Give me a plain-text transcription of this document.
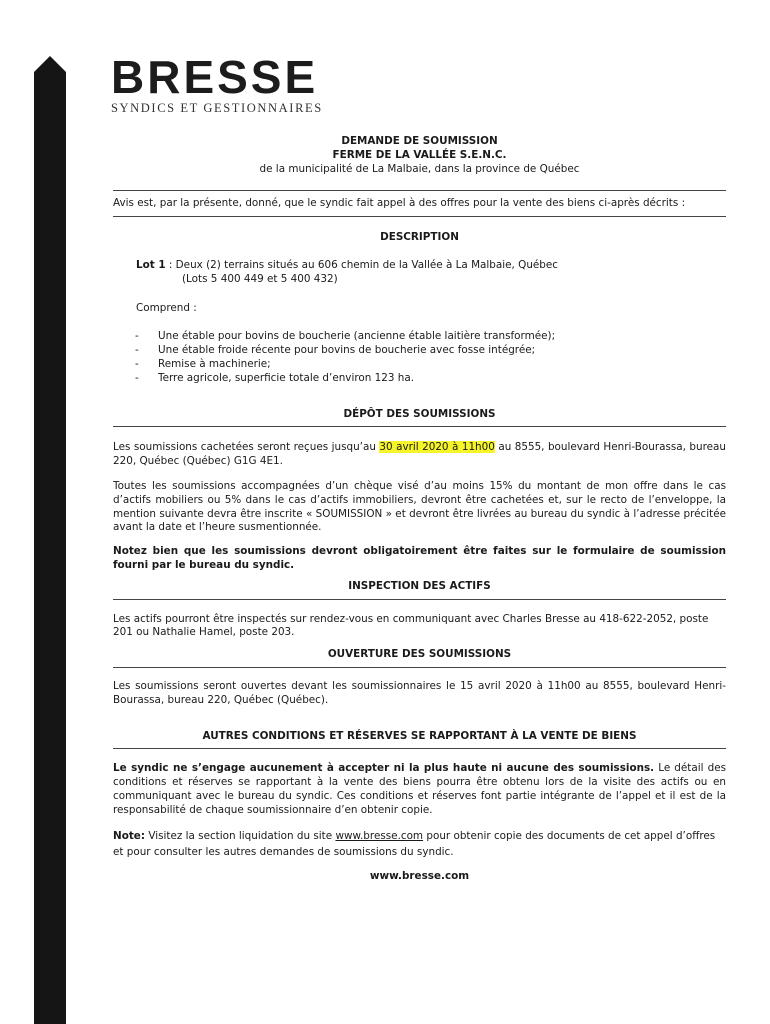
BRESSE
SYNDICS ET GESTIONNAIRES

DEMANDE DE SOUMISSION

FERME DE LA VALLÉE S.E.N.C.

de la municipalité de La Malbaie, dans la province de Québec

Avis est, par la présente, donné, que le syndic fait appel à des offres pour la vente des biens ci-après décrits :

DESCRIPTION

Lot 1 : Deux (2) terrains situés au 606 chemin de la Vallée à La Malbaie, Québec

(Lots 5 400 449 et 5 400 432)

Comprend :

- Une étable pour bovins de boucherie (ancienne étable laitière transformée);
- Une étable froide récente pour bovins de boucherie avec fosse intégrée;
- Remise à machinerie;
- Terre agricole, superficie totale d’environ 123 ha.

DÉPÔT DES SOUMISSIONS

Les soumissions cachetées seront reçues jusqu’au 30 avril 2020 à 11h00 au 8555, boulevard Henri-Bourassa, bureau 220, Québec (Québec) G1G 4E1.

Toutes les soumissions accompagnées d’un chèque visé d’au moins 15% du montant de mon offre dans le cas d’actifs mobiliers ou 5% dans le cas d’actifs immobiliers, devront être cachetées et, sur le recto de l’enveloppe, la mention suivante devra être inscrite « SOUMISSION » et devront être livrées au bureau du syndic à l’adresse précitée avant la date et l’heure susmentionnée.

Notez bien que les soumissions devront obligatoirement être faites sur le formulaire de soumission fourni par le bureau du syndic.

INSPECTION DES ACTIFS

Les actifs pourront être inspectés sur rendez-vous en communiquant avec Charles Bresse au 418-622-2052, poste 201 ou Nathalie Hamel, poste 203.

OUVERTURE DES SOUMISSIONS

Les soumissions seront ouvertes devant les soumissionnaires le 15 avril 2020 à 11h00 au 8555, boulevard Henri-Bourassa, bureau 220, Québec (Québec).

AUTRES CONDITIONS ET RÉSERVES SE RAPPORTANT À LA VENTE DE BIENS

Le syndic ne s’engage aucunement à accepter ni la plus haute ni aucune des soumissions. Le détail des conditions et réserves se rapportant à la vente des biens pourra être obtenu lors de la visite des actifs ou en communiquant avec le bureau du syndic. Ces conditions et réserves font partie intégrante de l’appel et il est de la responsabilité de chaque soumissionnaire d’en obtenir copie.

Note: Visitez la section liquidation du site www.bresse.com pour obtenir copie des documents de cet appel d’offres et pour consulter les autres demandes de soumissions du syndic.

www.bresse.com
